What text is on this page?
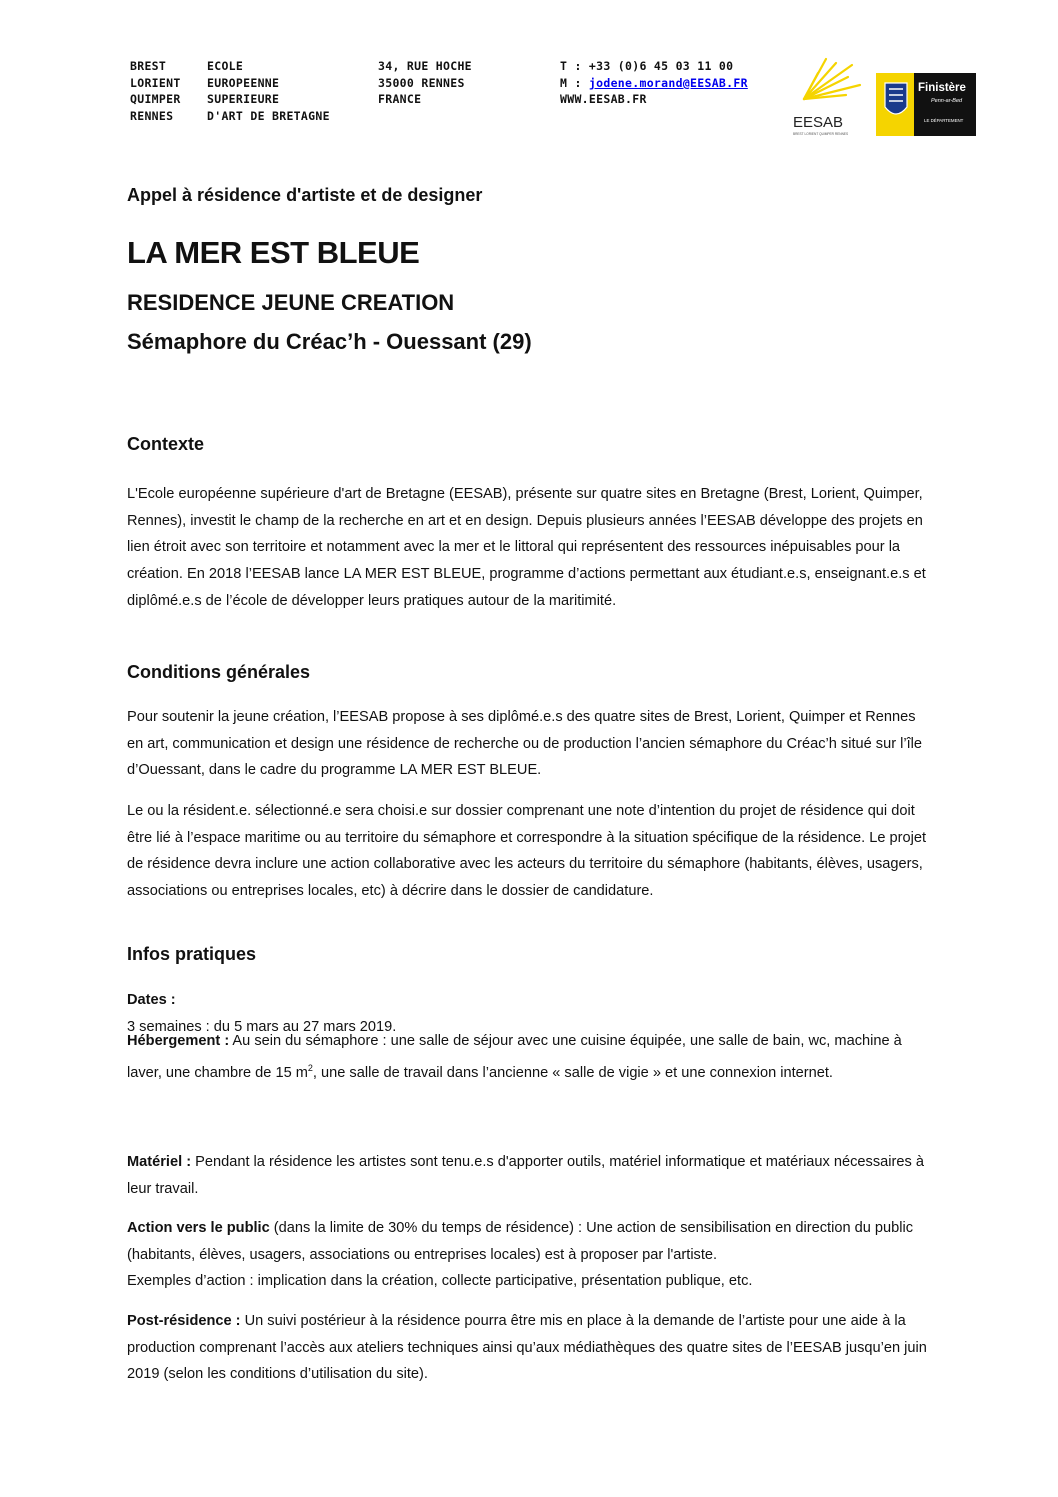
BREST
LORIENT
QUIMPER
RENNES
ECOLE
EUROPEENNE
SUPERIEURE
D'ART DE BRETAGNE
34, RUE HOCHE
35000 RENNES
FRANCE
T : +33 (0)6 45 03 11 00
M : jodene.morand@EESAB.FR
WWW.EESAB.FR
EESAB
BREST LORIENT QUIMPER RENNES
Finistère
Penn-ar-Bed
LE DÉPARTEMENT
Appel à résidence d'artiste et de designer
LA MER EST BLEUE
RESIDENCE JEUNE CREATION
Sémaphore du Créac’h - Ouessant (29)
Contexte
L'Ecole européenne supérieure d'art de Bretagne (EESAB), présente sur quatre sites en Bretagne (Brest, Lorient, Quimper, Rennes), investit le champ de la recherche en art et en design. Depuis plusieurs années l’EESAB développe des projets en lien étroit avec son territoire et notamment avec la mer et le littoral qui représentent des ressources inépuisables pour la création. En 2018 l’EESAB lance LA MER EST BLEUE, programme d’actions permettant aux étudiant.e.s, enseignant.e.s et diplômé.e.s de l’école de développer leurs pratiques autour de la maritimité.
Conditions générales
Pour soutenir la jeune création, l’EESAB propose à ses diplômé.e.s des quatre sites de Brest, Lorient, Quimper et Rennes en art, communication et design une résidence de recherche ou de production l’ancien sémaphore du Créac’h situé sur l’île d’Ouessant, dans le cadre du programme LA MER EST BLEUE.
Le ou la résident.e. sélectionné.e sera choisi.e sur dossier comprenant une note d’intention du projet de résidence qui doit être lié à l’espace maritime ou au territoire du sémaphore et correspondre à la situation spécifique de la résidence. Le projet de résidence devra inclure une action collaborative avec les acteurs du territoire du sémaphore (habitants, élèves, usagers, associations ou entreprises locales, etc) à décrire dans le dossier de candidature.
Infos pratiques
Dates :
3 semaines : du 5 mars au 27 mars 2019.
Hébergement : Au sein du sémaphore : une salle de séjour avec une cuisine équipée, une salle de bain, wc, machine à laver, une chambre de 15 $m^2$, une salle de travail dans l’ancienne « salle de vigie » et une connexion internet.
Matériel : Pendant la résidence les artistes sont tenu.e.s d'apporter outils, matériel informatique et matériaux nécessaires à leur travail.
Action vers le public (dans la limite de 30% du temps de résidence) : Une action de sensibilisation en direction du public (habitants, élèves, usagers, associations ou entreprises locales) est à proposer par l'artiste.
Exemples d’action : implication dans la création, collecte participative, présentation publique, etc.
Post-résidence : Un suivi postérieur à la résidence pourra être mis en place à la demande de l’artiste pour une aide à la production comprenant l’accès aux ateliers techniques ainsi qu’aux médiathèques des quatre sites de l’EESAB jusqu’en juin 2019 (selon les conditions d’utilisation du site).
